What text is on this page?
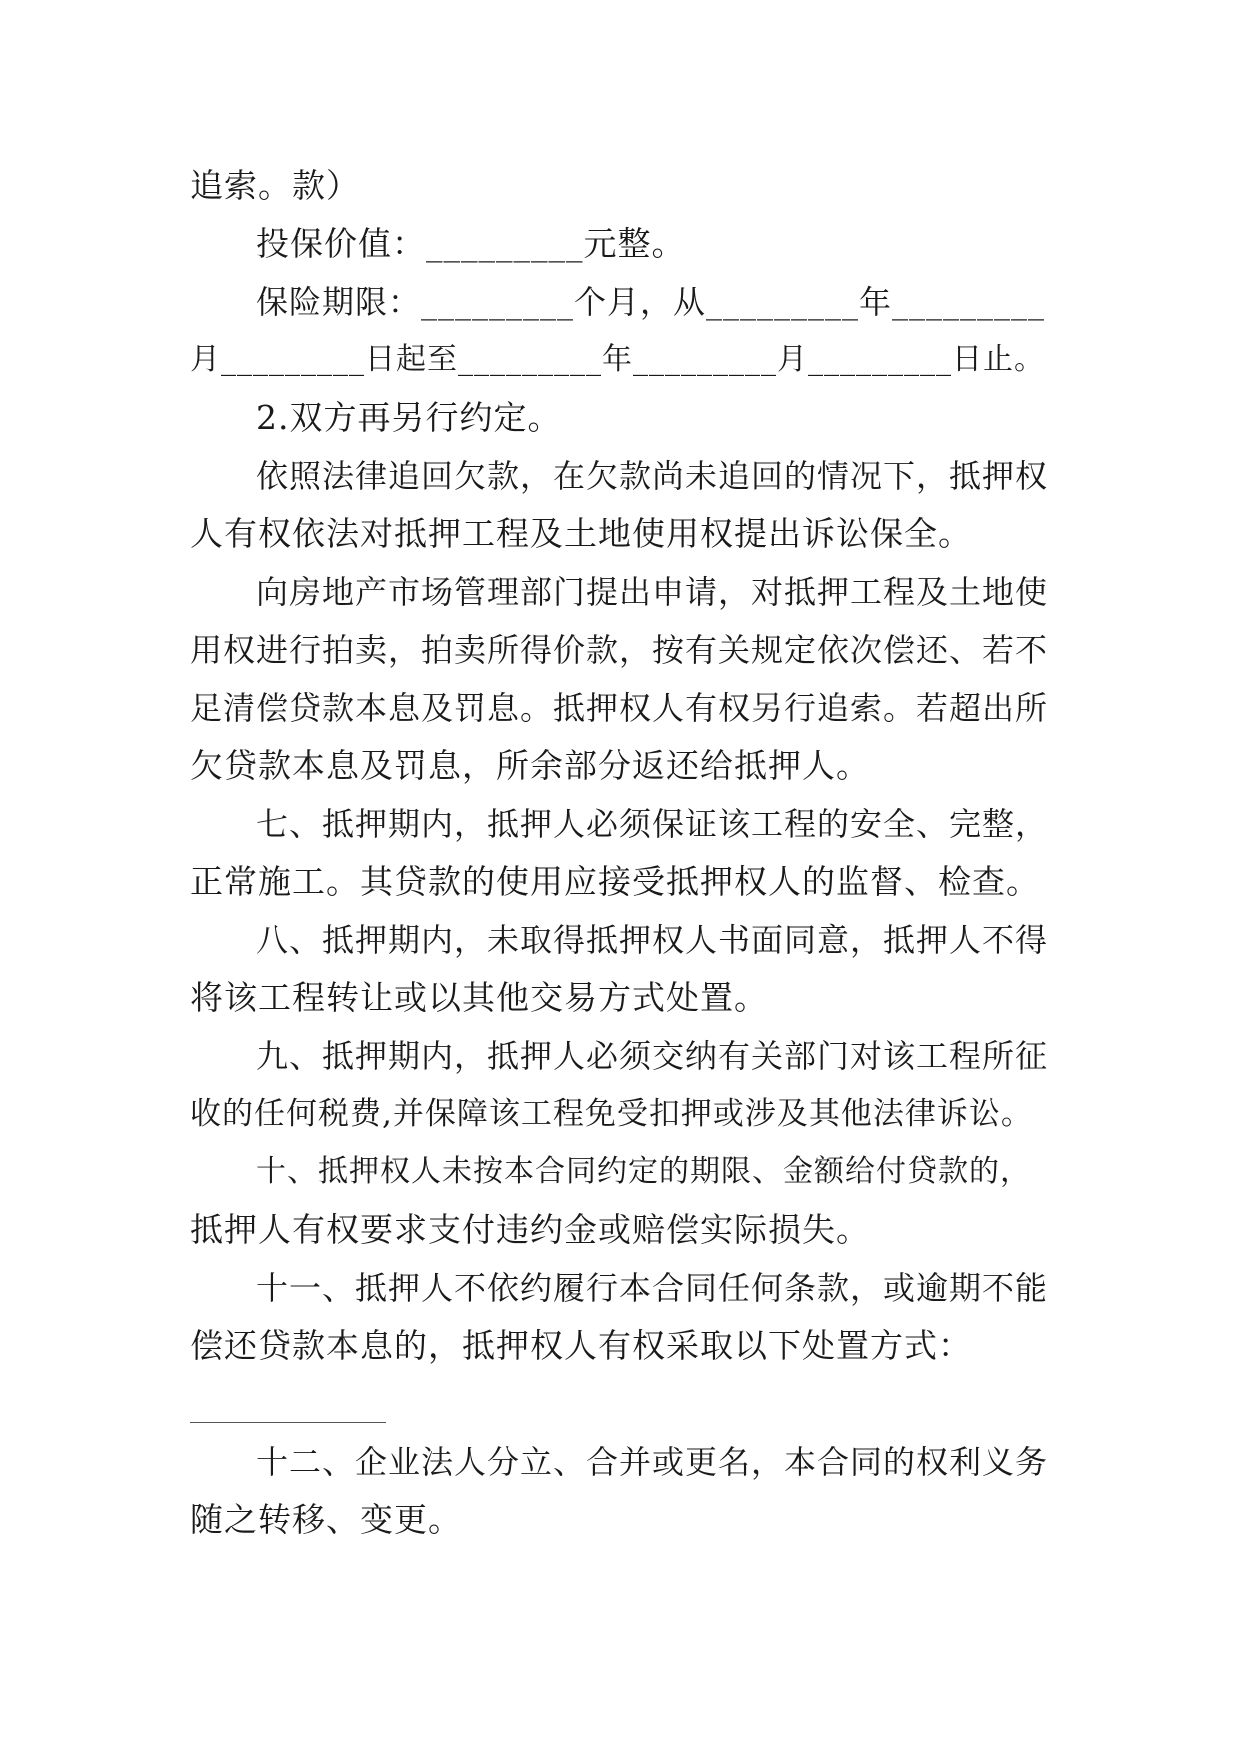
追索。款）
投保价值：_________元整。
保险期限：_________个月，从_________年_________
月_________日起至_________年_________月_________日止。
2.双方再另行约定。
依照法律追回欠款，在欠款尚未追回的情况下，抵押权
人有权依法对抵押工程及土地使用权提出诉讼保全。
向房地产市场管理部门提出申请，对抵押工程及土地使
用权进行拍卖，拍卖所得价款，按有关规定依次偿还、若不
足清偿贷款本息及罚息。抵押权人有权另行追索。若超出所
欠贷款本息及罚息，所余部分返还给抵押人。
七、抵押期内，抵押人必须保证该工程的安全、完整，
正常施工。其贷款的使用应接受抵押权人的监督、检查。
八、抵押期内，未取得抵押权人书面同意，抵押人不得
将该工程转让或以其他交易方式处置。
九、抵押期内，抵押人必须交纳有关部门对该工程所征
收的任何税费,并保障该工程免受扣押或涉及其他法律诉讼。
十、抵押权人未按本合同约定的期限、金额给付贷款的，
抵押人有权要求支付违约金或赔偿实际损失。
十一、抵押人不依约履行本合同任何条款，或逾期不能
偿还贷款本息的，抵押权人有权采取以下处置方式：
十二、企业法人分立、合并或更名，本合同的权利义务
随之转移、变更。
